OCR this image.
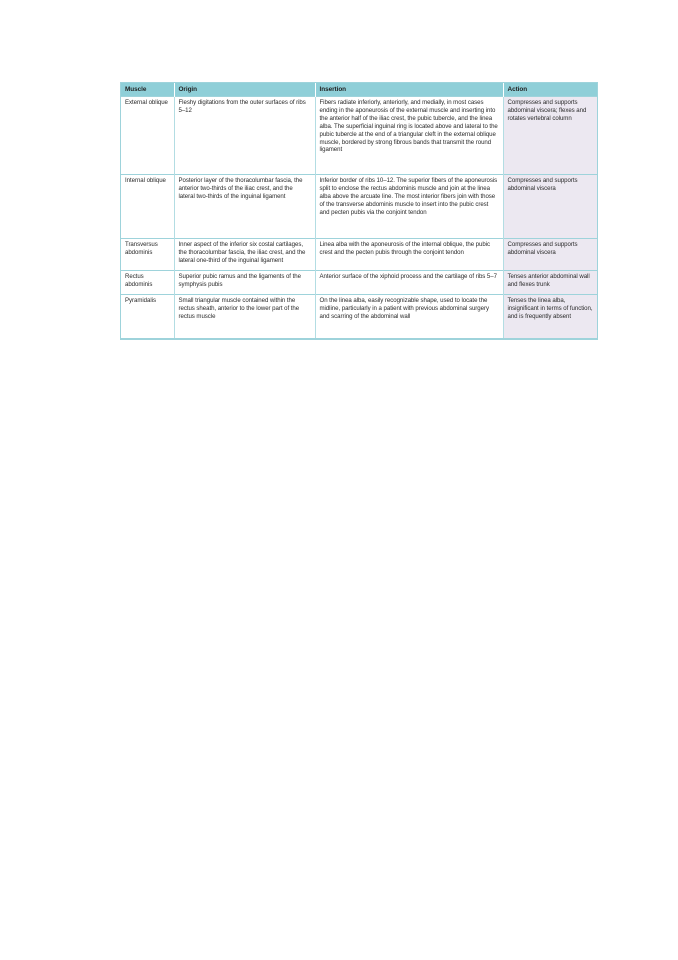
Muscle	Origin	Insertion	Action
External oblique	Fleshy digitations from the outer surfaces of ribs 5–12	Fibers radiate inferiorly, anteriorly, and medially, in most cases ending in the aponeurosis of the external muscle and inserting into the anterior half of the iliac crest, the pubic tubercle, and the linea alba. The superficial inguinal ring is located above and lateral to the pubic tubercle at the end of a triangular cleft in the external oblique muscle, bordered by strong fibrous bands that transmit the round ligament	Compresses and supports abdominal viscera; flexes and rotates vertebral column
Internal oblique	Posterior layer of the thoracolumbar fascia, the anterior two-thirds of the iliac crest, and the lateral two-thirds of the inguinal ligament	Inferior border of ribs 10–12. The superior fibers of the aponeurosis split to enclose the rectus abdominis muscle and join at the linea alba above the arcuate line. The most interior fibers join with those of the transverse abdominis muscle to insert into the pubic crest and pecten pubis via the conjoint tendon	Compresses and supports abdominal viscera
Transversus abdominis	Inner aspect of the inferior six costal cartilages, the thoracolumbar fascia, the iliac crest, and the lateral one-third of the inguinal ligament	Linea alba with the aponeurosis of the internal oblique, the pubic crest and the pecten pubis through the conjoint tendon	Compresses and supports abdominal viscera
Rectus abdominis	Superior pubic ramus and the ligaments of the symphysis pubis	Anterior surface of the xiphoid process and the cartilage of ribs 5–7	Tenses anterior abdominal wall and flexes trunk
Pyramidalis	Small triangular muscle contained within the rectus sheath, anterior to the lower part of the rectus muscle	On the linea alba, easily recognizable shape, used to locate the midline, particularly in a patient with previous abdominal surgery and scarring of the abdominal wall	Tenses the linea alba, insignificant in terms of function, and is frequently absent
